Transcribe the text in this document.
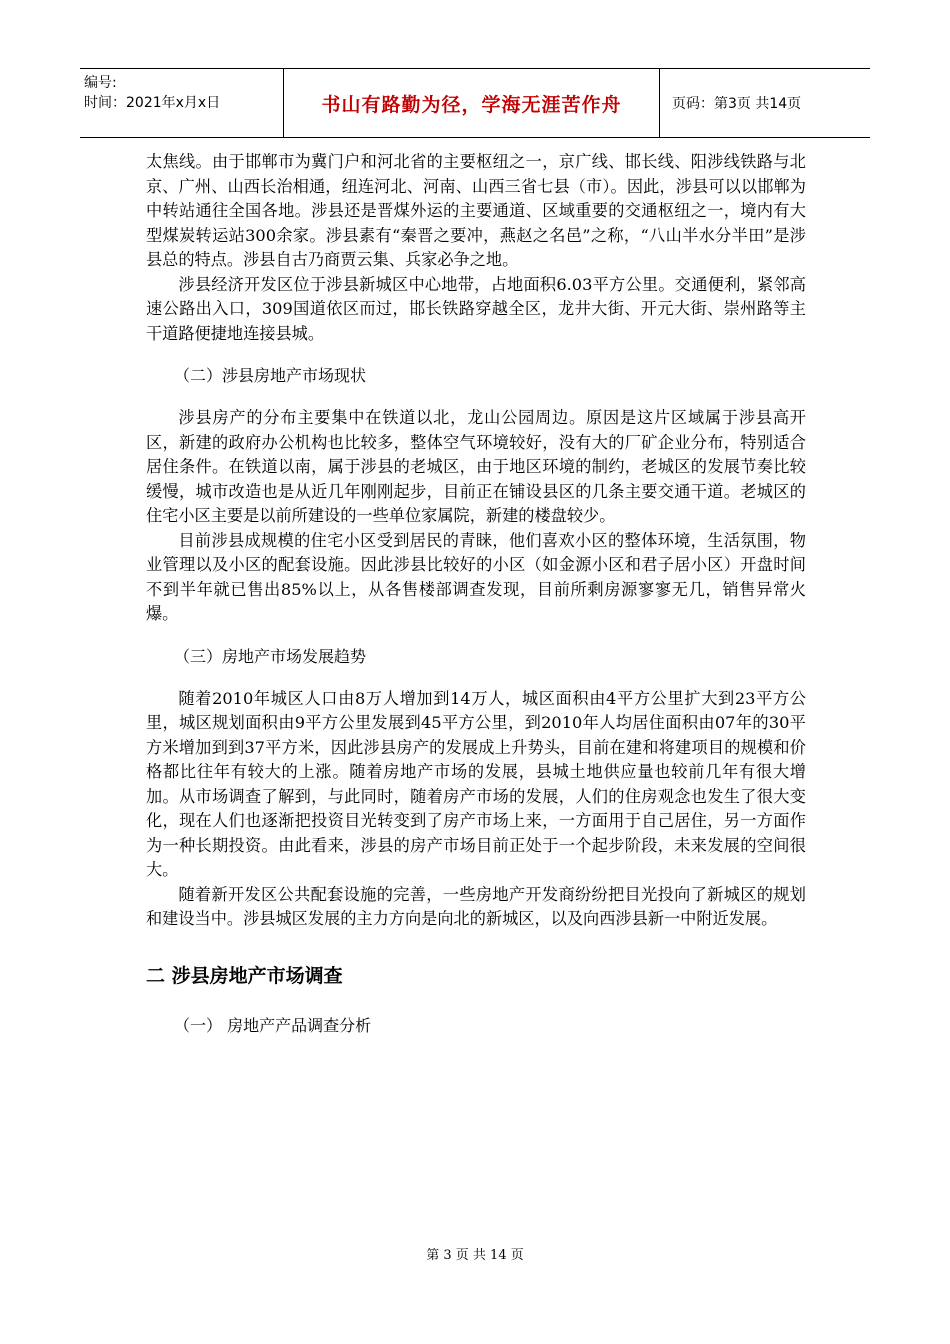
编号:
时间：2021年x月x日	书山有路勤为径，学海无涯苦作舟	页码：第3页 共14页

太焦线。由于邯郸市为冀门户和河北省的主要枢纽之一，京广线、邯长线、阳涉线铁路与北京、广州、山西长治相通，纽连河北、河南、山西三省七县（市）。因此，涉县可以以邯郸为中转站通往全国各地。涉县还是晋煤外运的主要通道、区域重要的交通枢纽之一，境内有大型煤炭转运站300余家。涉县素有“秦晋之要冲，燕赵之名邑”之称，“八山半水分半田”是涉县总的特点。涉县自古乃商贾云集、兵家必争之地。

涉县经济开发区位于涉县新城区中心地带，占地面积6.03平方公里。交通便利，紧邻高速公路出入口，309国道依区而过，邯长铁路穿越全区，龙井大街、开元大街、崇州路等主干道路便捷地连接县城。

（二）涉县房地产市场现状

涉县房产的分布主要集中在铁道以北，龙山公园周边。原因是这片区域属于涉县高开区，新建的政府办公机构也比较多，整体空气环境较好，没有大的厂矿企业分布，特别适合居住条件。在铁道以南，属于涉县的老城区，由于地区环境的制约，老城区的发展节奏比较缓慢，城市改造也是从近几年刚刚起步，目前正在铺设县区的几条主要交通干道。老城区的住宅小区主要是以前所建设的一些单位家属院，新建的楼盘较少。

目前涉县成规模的住宅小区受到居民的青睐，他们喜欢小区的整体环境，生活氛围，物业管理以及小区的配套设施。因此涉县比较好的小区（如金源小区和君子居小区）开盘时间不到半年就已售出85%以上，从各售楼部调查发现，目前所剩房源寥寥无几，销售异常火爆。

（三）房地产市场发展趋势

随着2010年城区人口由8万人增加到14万人，城区面积由4平方公里扩大到23平方公里，城区规划面积由9平方公里发展到45平方公里，到2010年人均居住面积由07年的30平方米增加到到37平方米，因此涉县房产的发展成上升势头，目前在建和将建项目的规模和价格都比往年有较大的上涨。随着房地产市场的发展，县城土地供应量也较前几年有很大增加。从市场调查了解到，与此同时，随着房产市场的发展，人们的住房观念也发生了很大变化，现在人们也逐渐把投资目光转变到了房产市场上来，一方面用于自己居住，另一方面作为一种长期投资。由此看来，涉县的房产市场目前正处于一个起步阶段，未来发展的空间很大。

随着新开发区公共配套设施的完善，一些房地产开发商纷纷把目光投向了新城区的规划和建设当中。涉县城区发展的主力方向是向北的新城区，以及向西涉县新一中附近发展。

二 涉县房地产市场调查

（一） 房地产产品调查分析

第 3 页 共 14 页
